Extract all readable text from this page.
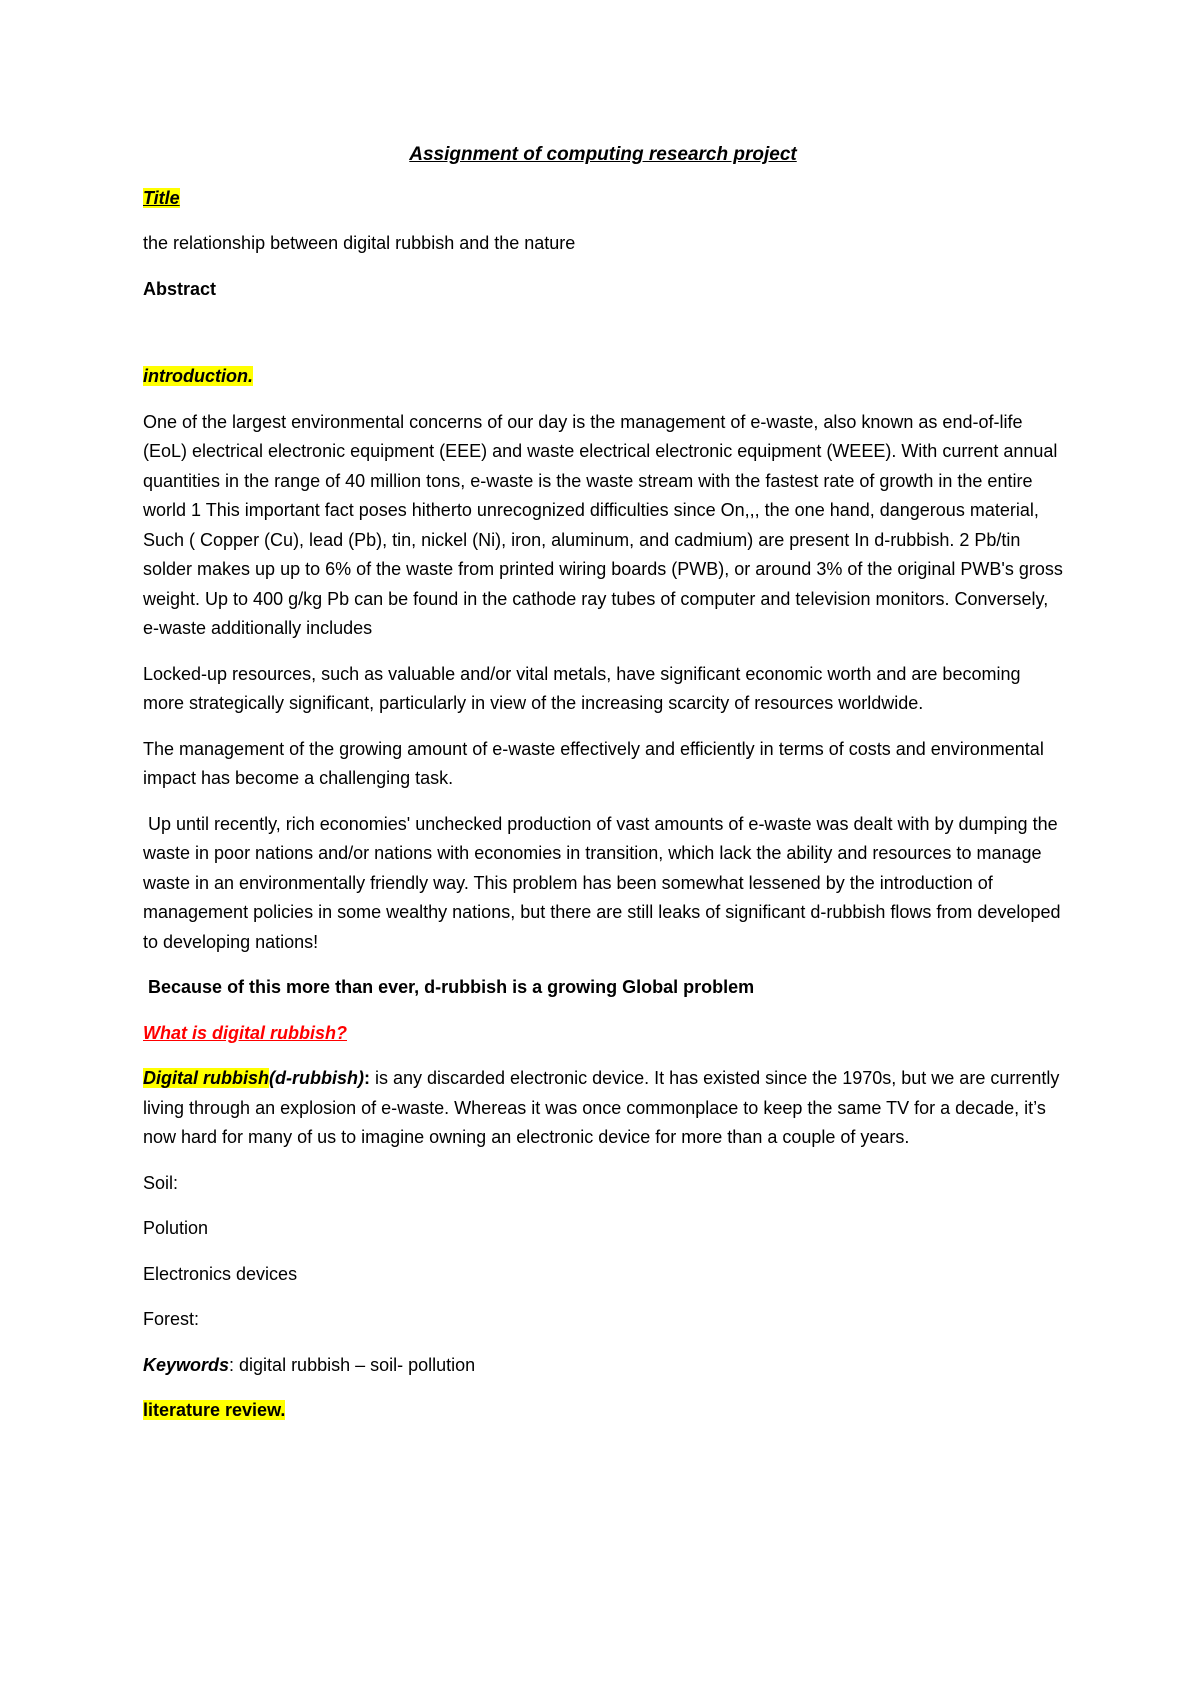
Assignment of computing research project

Title

the relationship between digital rubbish and the nature

Abstract

introduction.

One of the largest environmental concerns of our day is the management of e-waste, also known as end-of-life (EoL) electrical electronic equipment (EEE) and waste electrical electronic equipment (WEEE). With current annual quantities in the range of 40 million tons, e-waste is the waste stream with the fastest rate of growth in the entire world 1 This important fact poses hitherto unrecognized difficulties since On,,, the one hand, dangerous material, Such ( Copper (Cu), lead (Pb), tin, nickel (Ni), iron, aluminum, and cadmium) are present In d-rubbish. 2 Pb/tin solder makes up up to 6% of the waste from printed wiring boards (PWB), or around 3% of the original PWB's gross weight. Up to 400 g/kg Pb can be found in the cathode ray tubes of computer and television monitors. Conversely, e-waste additionally includes

Locked-up resources, such as valuable and/or vital metals, have significant economic worth and are becoming more strategically significant, particularly in view of the increasing scarcity of resources worldwide.

The management of the growing amount of e-waste effectively and efficiently in terms of costs and environmental impact has become a challenging task.

Up until recently, rich economies' unchecked production of vast amounts of e-waste was dealt with by dumping the waste in poor nations and/or nations with economies in transition, which lack the ability and resources to manage waste in an environmentally friendly way. This problem has been somewhat lessened by the introduction of management policies in some wealthy nations, but there are still leaks of significant d-rubbish flows from developed to developing nations!

Because of this more than ever, d-rubbish is a growing Global problem

What is digital rubbish?

Digital rubbish(d-rubbish): is any discarded electronic device. It has existed since the 1970s, but we are currently living through an explosion of e-waste. Whereas it was once commonplace to keep the same TV for a decade, it’s now hard for many of us to imagine owning an electronic device for more than a couple of years.

Soil:

Polution

Electronics devices

Forest:

Keywords: digital rubbish – soil- pollution

literature review.
